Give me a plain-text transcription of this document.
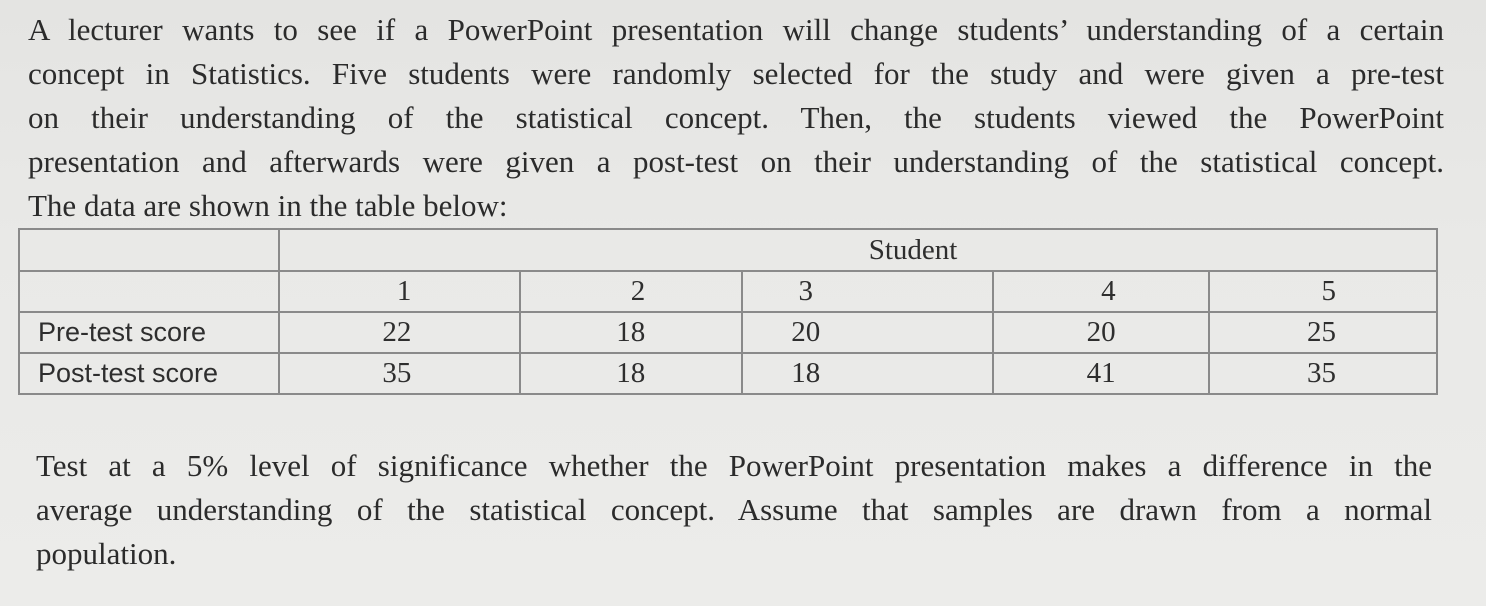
A lecturer wants to see if a PowerPoint presentation will change students’ understanding of a certain
concept in Statistics. Five students were randomly selected for the study and were given a pre-test
on their understanding of the statistical concept. Then, the students viewed the PowerPoint
presentation and afterwards were given a post-test on their understanding of the statistical concept.
The data are shown in the table below:

	Student				
	1	2	3	4	5
Pre-test score	22	18	20	20	25
Post-test score	35	18	18	41	35

Test at a 5% level of significance whether the PowerPoint presentation makes a difference in the
average understanding of the statistical concept. Assume that samples are drawn from a normal
population.
